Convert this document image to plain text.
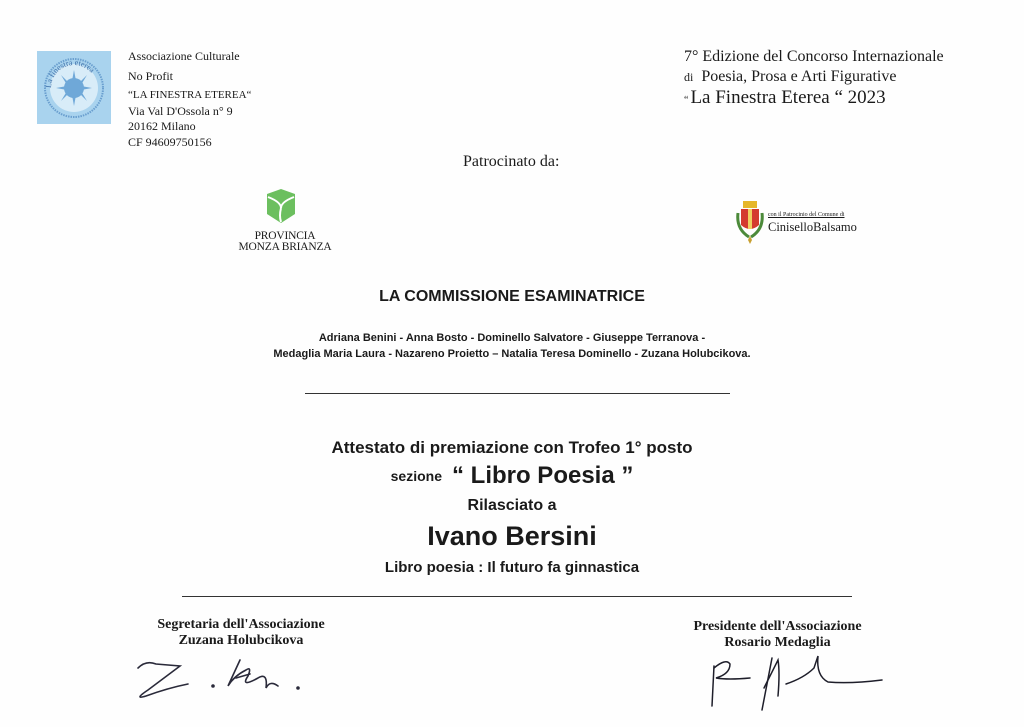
La finestra eterea
Associazione Culturale
No Profit
“LA FINESTRA ETEREA“
Via Val D'Ossola n° 9
20162 Milano
CF 94609750156
7° Edizione del Concorso Internazionale
di Poesia, Prosa e Arti Figurative
“ La Finestra Eterea “ 2023
Patrocinato da:
PROVINCIA
MONZA BRIANZA
con il Patrocinio del Comune di
CiniselloBalsamo
LA COMMISSIONE ESAMINATRICE
Adriana Benini - Anna Bosto - Dominello Salvatore - Giuseppe Terranova -
Medaglia Maria Laura - Nazareno Proietto – Natalia Teresa Dominello - Zuzana Holubcikova.
Attestato di premiazione con Trofeo 1° posto
sezione “ Libro Poesia ”
Rilasciato a
Ivano Bersini
Libro poesia : Il futuro fa ginnastica
Segretaria dell'Associazione
Zuzana Holubcikova
Presidente dell'Associazione
Rosario Medaglia
